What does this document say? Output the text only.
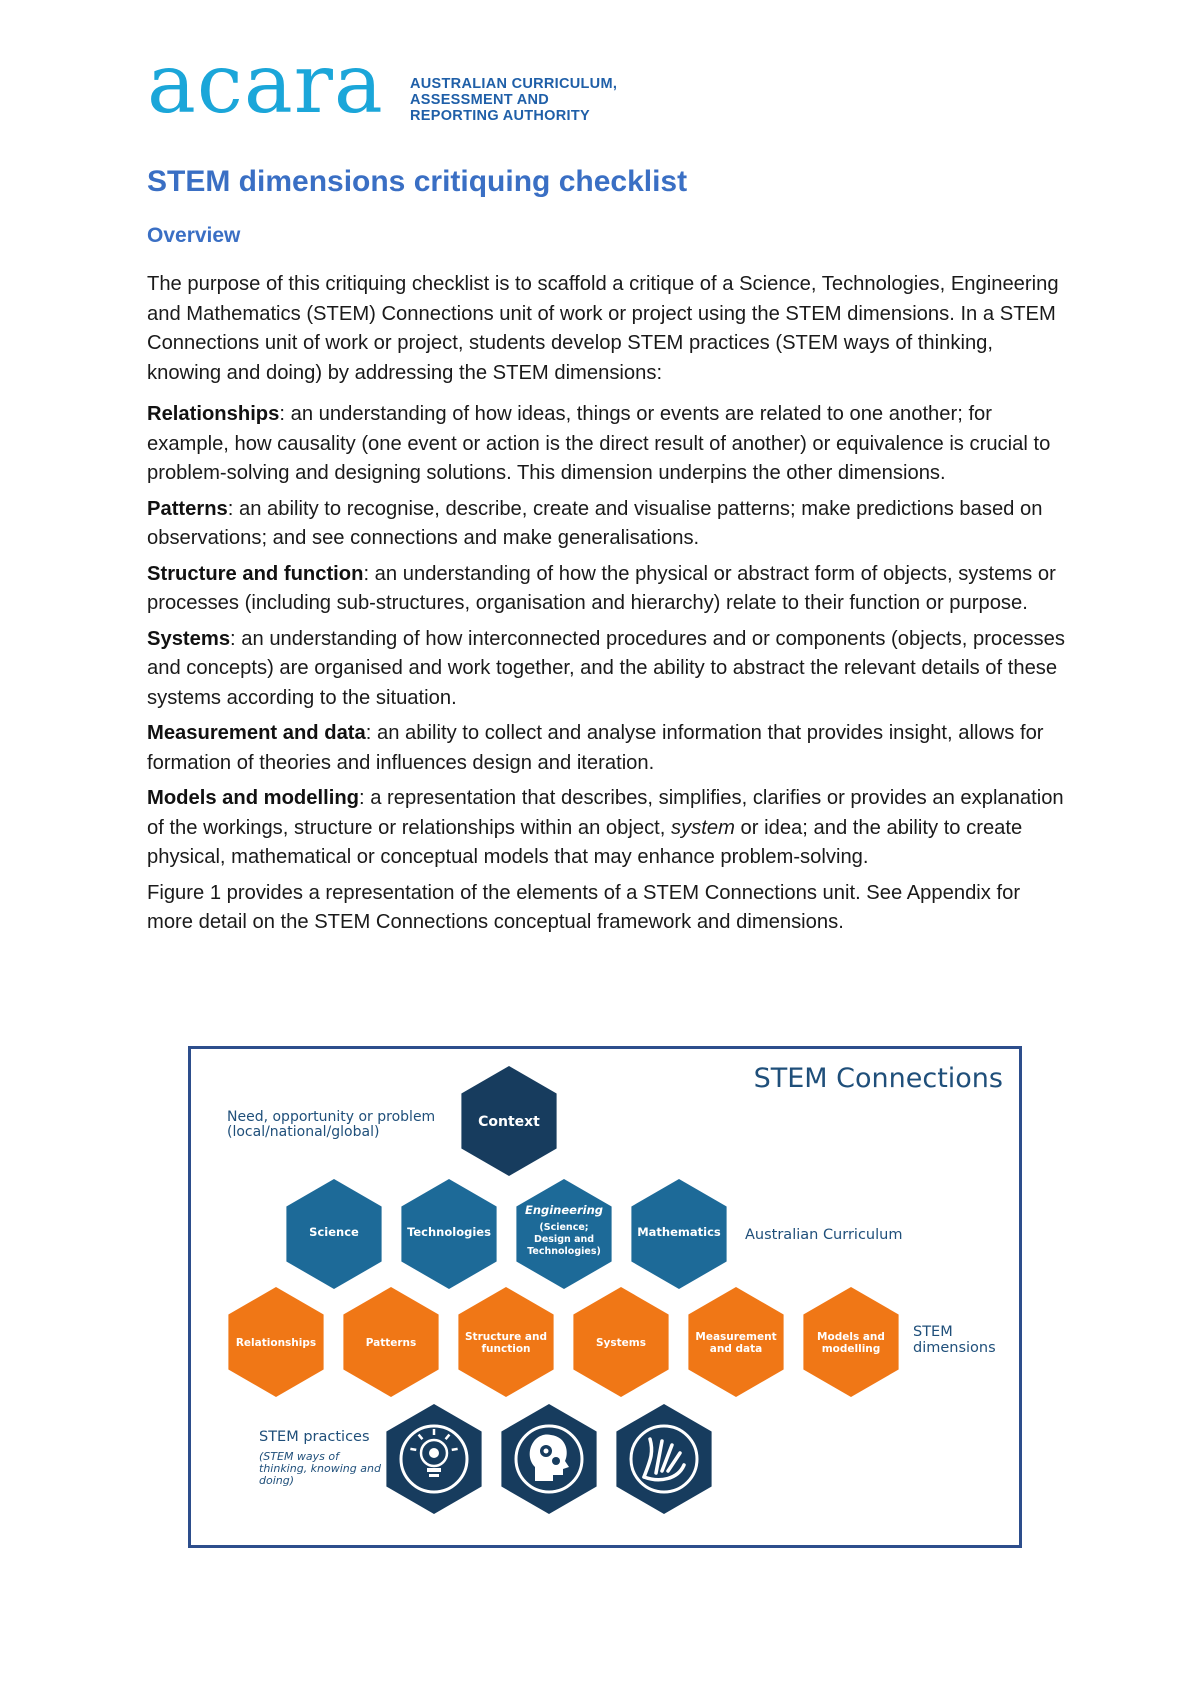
acara AUSTRALIAN CURRICULUM,
ASSESSMENT AND
REPORTING AUTHORITY
STEM dimensions critiquing checklist
Overview

The purpose of this critiquing checklist is to scaffold a critique of a Science, Technologies, Engineering and Mathematics (STEM) Connections unit of work or project using the STEM dimensions. In a STEM Connections unit of work or project, students develop STEM practices (STEM ways of thinking, knowing and doing) by addressing the STEM dimensions:

Relationships: an understanding of how ideas, things or events are related to one another; for example, how causality (one event or action is the direct result of another) or equivalence is crucial to problem-solving and designing solutions. This dimension underpins the other dimensions.

Patterns: an ability to recognise, describe, create and visualise patterns; make predictions based on observations; and see connections and make generalisations.

Structure and function: an understanding of how the physical or abstract form of objects, systems or processes (including sub-structures, organisation and hierarchy) relate to their function or purpose.

Systems: an understanding of how interconnected procedures and or components (objects, processes and concepts) are organised and work together, and the ability to abstract the relevant details of these systems according to the situation.

Measurement and data: an ability to collect and analyse information that provides insight, allows for formation of theories and influences design and iteration.

Models and modelling: a representation that describes, simplifies, clarifies or provides an explanation of the workings, structure or relationships within an object, system or idea; and the ability to create physical, mathematical or conceptual models that may enhance problem-solving.

Figure 1 provides a representation of the elements of a STEM Connections unit. See Appendix for more detail on the STEM Connections conceptual framework and dimensions.

STEM Connections
Need, opportunity or problem
(local/national/global)
Context
Science	Technologies
Engineering
(Science;
Design and
Technologies)
Mathematics Australian Curriculum
Relationships	Patterns	Structure and
function	Systems	Measurement
and data
Models and
modelling
STEM
dimensions
STEM practices
(STEM ways of
thinking, knowing and
doing)
